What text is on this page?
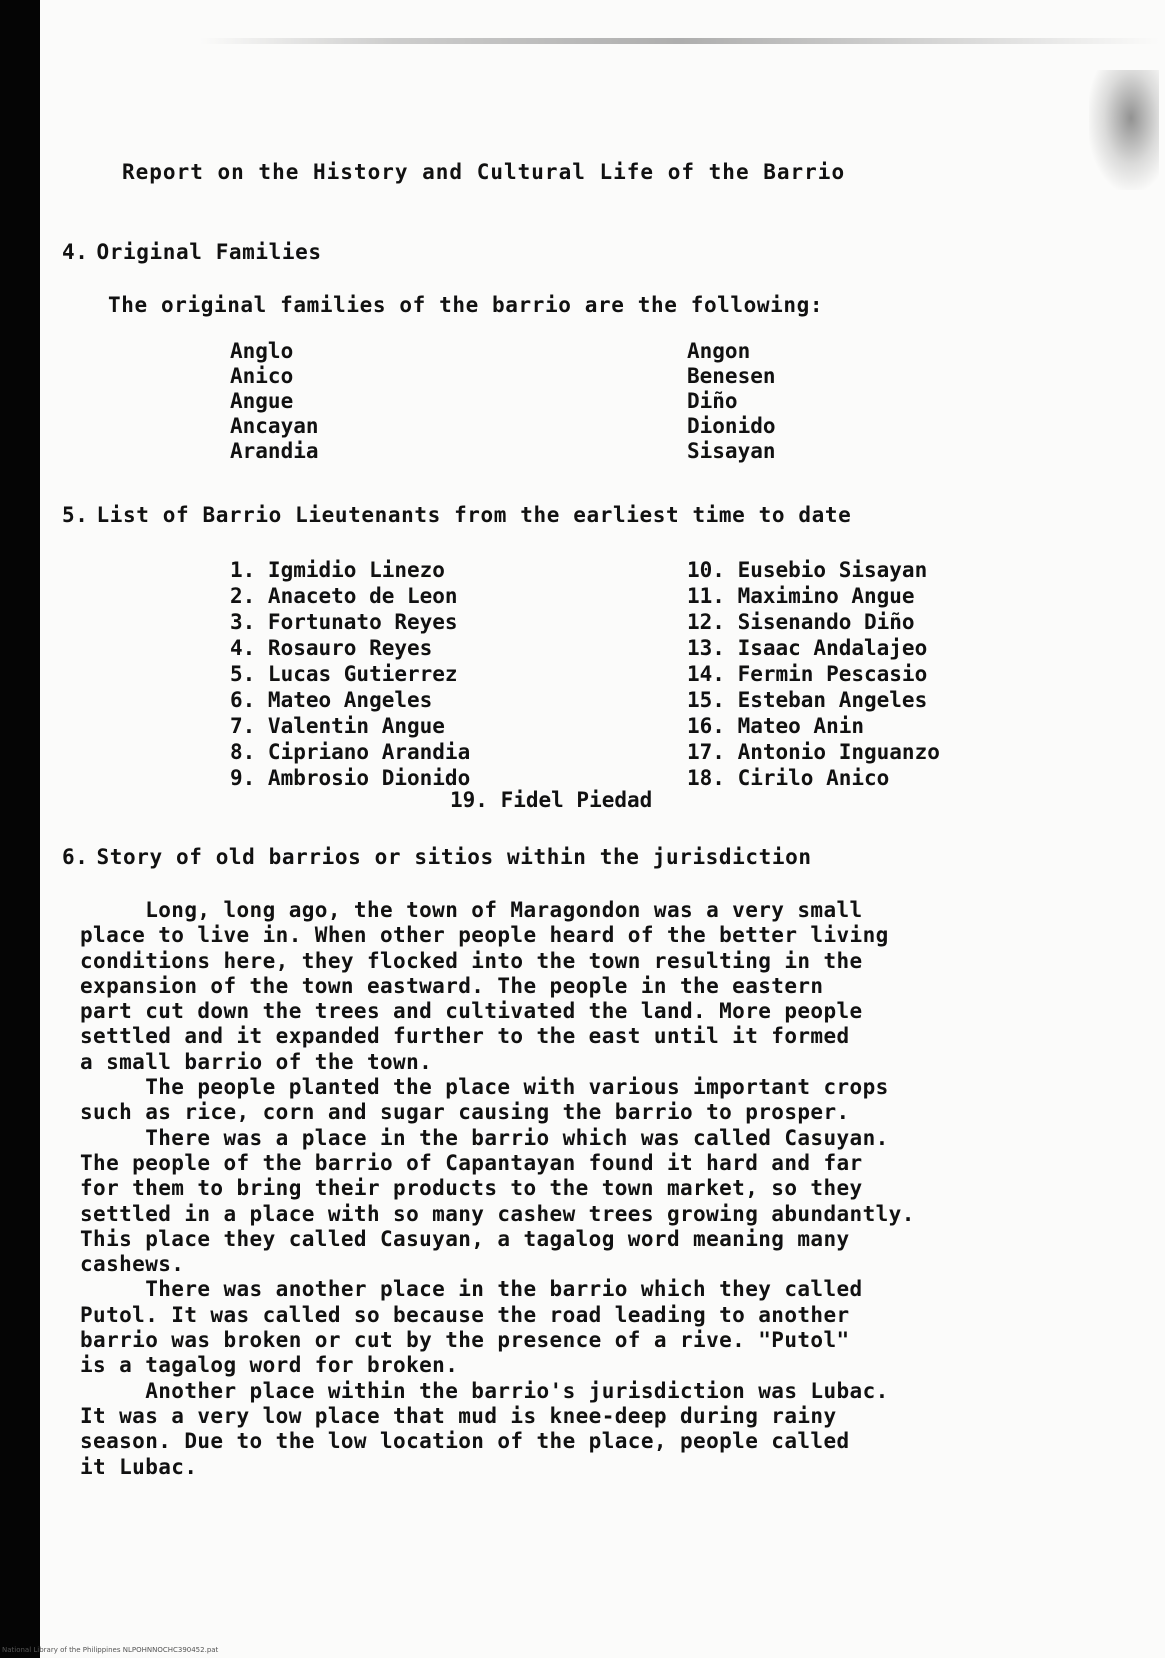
Report on the History and Cultural Life of the Barrio
4. Original Families
The original families of the barrio are the following:
Anglo
Anico
Angue
Ancayan
Arandia
Angon
Benesen
Diño
Dionido
Sisayan
5. List of Barrio Lieutenants from the earliest time to date
1. Igmidio Linezo
2. Anaceto de Leon
3. Fortunato Reyes
4. Rosauro Reyes
5. Lucas Gutierrez
6. Mateo Angeles
7. Valentin Angue
8. Cipriano Arandia
9. Ambrosio Dionido
10. Eusebio Sisayan
11. Maximino Angue
12. Sisenando Diño
13. Isaac Andalajeo
14. Fermin Pescasio
15. Esteban Angeles
16. Mateo Anin
17. Antonio Inguanzo
18. Cirilo Anico
19. Fidel Piedad
6. Story of old barrios or sitios within the jurisdiction
Long, long ago, the town of Maragondon was a very small
place to live in. When other people heard of the better living
conditions here, they flocked into the town resulting in the
expansion of the town eastward. The people in the eastern
part cut down the trees and cultivated the land. More people
settled and it expanded further to the east until it formed
a small barrio of the town.
The people planted the place with various important crops
such as rice, corn and sugar causing the barrio to prosper.
There was a place in the barrio which was called Casuyan.
The people of the barrio of Capantayan found it hard and far
for them to bring their products to the town market, so they
settled in a place with so many cashew trees growing abundantly.
This place they called Casuyan, a tagalog word meaning many
cashews.
There was another place in the barrio which they called
Putol. It was called so because the road leading to another
barrio was broken or cut by the presence of a rive. "Putol"
is a tagalog word for broken.
Another place within the barrio's jurisdiction was Lubac.
It was a very low place that mud is knee-deep during rainy
season. Due to the low location of the place, people called
it Lubac.
National Library of the Philippines NLPOHNNOCHC390452.pat
